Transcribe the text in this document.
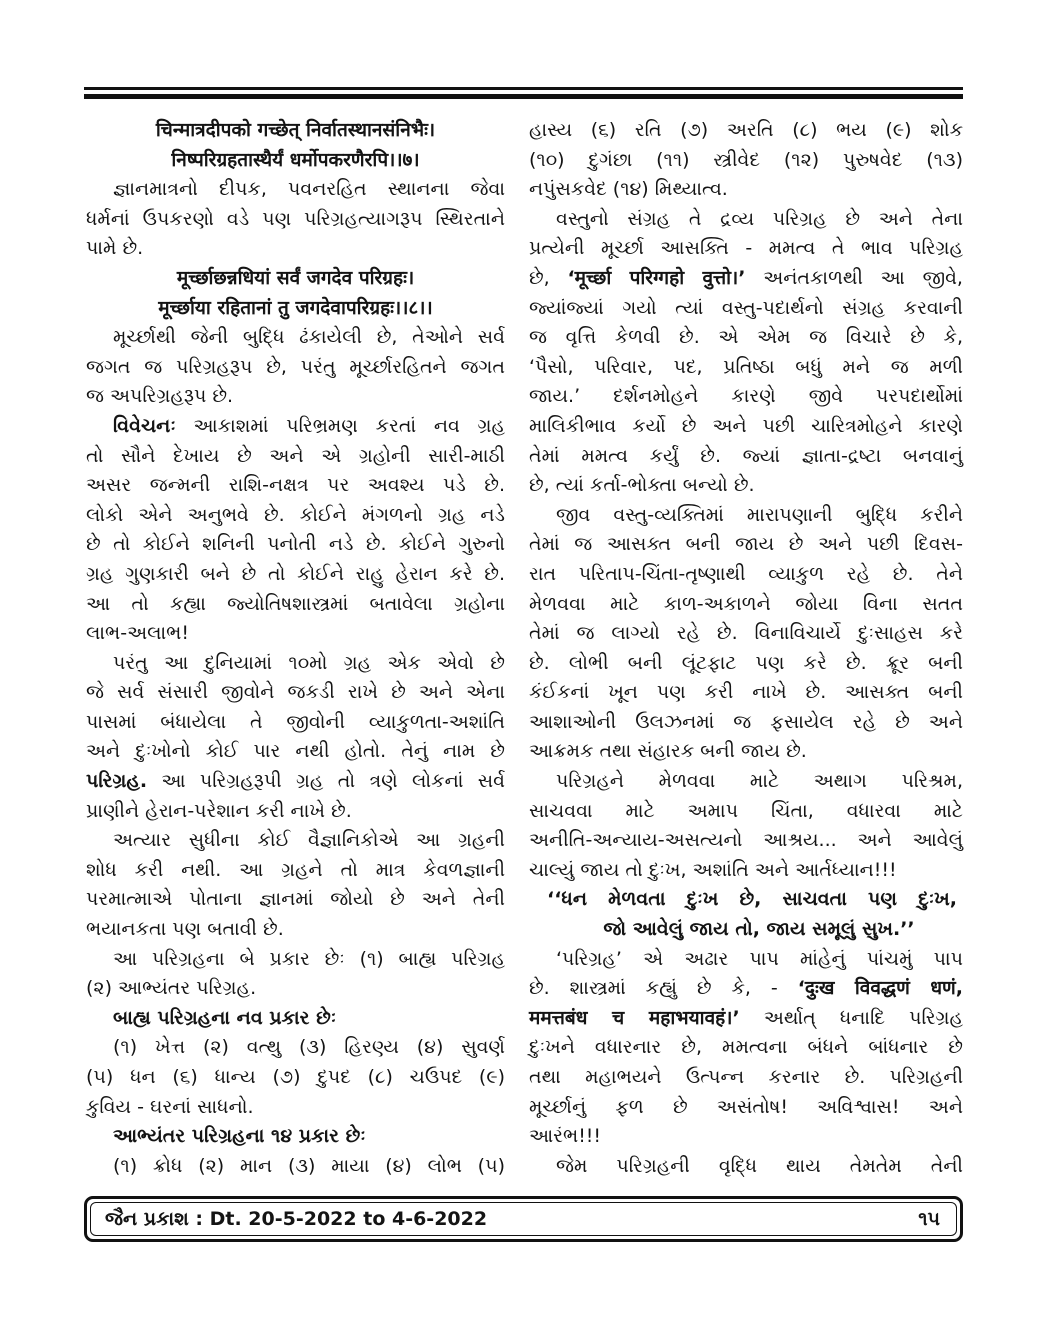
चिन्मात्रदीपको गच्छेत् निर्वातस्थानसंनिभैः।
निष्परिग्रहतास्थैर्यं धर्मोपकरणैरपि।।७।
જ્ઞાનમાત્રનો દીપક, પવનરહિત સ્થાનના જેવા
ધર્મનાં ઉપકરણો વડે પણ પરિગ્રહત્યાગરૂપ સ્થિરતાને
પામે છે.
मूर्च्छाछन्नधियां सर्वं जगदेव परिग्रहः।
मूर्च्छाया रहितानां तु जगदेवापरिग्रहः।।८।।
મૂર્ચ્છાથી જેની બુદ્ધિ ઢંકાયેલી છે, તેઓને સર્વ
જગત જ પરિગ્રહરૂપ છે, પરંતુ મૂર્ચ્છારહિતને જગત
જ અપરિગ્રહરૂપ છે.
વિવેચનઃ આકાશમાં પરિભ્રમણ કરતાં નવ ગ્રહ
તો સૌને દેખાય છે અને એ ગ્રહોની સારી-માઠી
અસર જન્મની રાશિ-નક્ષત્ર પર અવશ્ય પડે છે.
લોકો એને અનુભવે છે. કોઈને મંગળનો ગ્રહ નડે
છે તો કોઈને શનિની પનોતી નડે છે. કોઈને ગુરુનો
ગ્રહ ગુણકારી બને છે તો કોઈને રાહુ હેરાન કરે છે.
આ તો કહ્યા જ્યોતિષશાસ્ત્રમાં બતાવેલા ગ્રહોના
લાભ-અલાભ!
પરંતુ આ દુનિયામાં ૧૦મો ગ્રહ એક એવો છે
જે સર્વ સંસારી જીવોને જકડી રાખે છે અને એના
પાસમાં બંધાયેલા તે જીવોની વ્યાકુળતા-અશાંતિ
અને દુઃખોનો કોઈ પાર નથી હોતો. તેનું નામ છે
પરિગ્રહ. આ પરિગ્રહરૂપી ગ્રહ તો ત્રણે લોકનાં સર્વ
પ્રાણીને હેરાન-પરેશાન કરી નાખે છે.
અત્યાર સુધીના કોઈ વૈજ્ઞાનિકોએ આ ગ્રહની
શોધ કરી નથી. આ ગ્રહને તો માત્ર કેવળજ્ઞાની
પરમાત્માએ પોતાના જ્ઞાનમાં જોયો છે અને તેની
ભયાનકતા પણ બતાવી છે.
આ પરિગ્રહના બે પ્રકાર છેઃ (૧) બાહ્ય પરિગ્રહ
(૨) આભ્યંતર પરિગ્રહ.
બાહ્ય પરિગ્રહના નવ પ્રકાર છેઃ
(૧) ખેત્ત (૨) વત્થુ (૩) હિરણ્ય (૪) સુવર્ણ
(૫) ધન (૬) ધાન્ય (૭) દુપદ (૮) ચઉપદ (૯)
કુવિય - ઘરનાં સાધનો.
આભ્યંતર પરિગ્રહના ૧૪ પ્રકાર છેઃ
(૧) ક્રોધ (૨) માન (૩) માયા (૪) લોભ (૫)
હાસ્ય (૬) રતિ (૭) અરતિ (૮) ભય (૯) શોક
(૧૦) દુગંછા (૧૧) સ્ત્રીવેદ (૧૨) પુરુષવેદ (૧૩)
નપુંસકવેદ (૧૪) મિથ્યાત્વ.
વસ્તુનો સંગ્રહ તે દ્રવ્ય પરિગ્રહ છે અને તેના
પ્રત્યેની મૂર્ચ્છા આસક્તિ - મમત્વ તે ભાવ પરિગ્રહ
છે, ‘मूर्च्छा परिग्गहो वुत्तो।’ અનંતકાળથી આ જીવે,
જ્યાંજ્યાં ગયો ત્યાં વસ્તુ-પદાર્થનો સંગ્રહ કરવાની
જ વૃત્તિ કેળવી છે. એ એમ જ વિચારે છે કે,
‘પૈસો, પરિવાર, પદ, પ્રતિષ્ઠા બધું મને જ મળી
જાય.’ દર્શનમોહને કારણે જીવે પરપદાર્થોમાં
માલિકીભાવ કર્યો છે અને પછી ચારિત્રમોહને કારણે
તેમાં મમત્વ કર્યું છે. જ્યાં જ્ઞાતા-દ્રષ્ટા બનવાનું
છે, ત્યાં કર્તા-ભોક્તા બન્યો છે.
જીવ વસ્તુ-વ્યક્તિમાં મારાપણાની બુદ્ધિ કરીને
તેમાં જ આસક્ત બની જાય છે અને પછી દિવસ-
રાત પરિતાપ-ચિંતા-તૃષ્ણાથી વ્યાકુળ રહે છે. તેને
મેળવવા માટે કાળ-અકાળને જોયા વિના સતત
તેમાં જ લાગ્યો રહે છે. વિનાવિચાર્યે દુઃસાહસ કરે
છે. લોભી બની લૂંટફાટ પણ કરે છે. ક્રૂર બની
કંઈકનાં ખૂન પણ કરી નાખે છે. આસક્ત બની
આશાઓની ઉલઝનમાં જ ફસાયેલ રહે છે અને
આક્રમક તથા સંહારક બની જાય છે.
પરિગ્રહને મેળવવા માટે અથાગ પરિશ્રમ,
સાચવવા માટે અમાપ ચિંતા, વધારવા માટે
અનીતિ-અન્યાય-અસત્યનો આશ્રય... અને આવેલું
ચાલ્યું જાય તો દુઃખ, અશાંતિ અને આર્તધ્યાન!!!
‘‘ધન મેળવતા દુઃખ છે, સાચવતા પણ દુઃખ,
જો આવેલું જાય તો, જાય સમૂલું સુખ.’’
‘પરિગ્રહ’ એ અઢાર પાપ માંહેનું પાંચમું પાપ
છે. શાસ્ત્રમાં કહ્યું છે કે, - ‘दुःख विवद्धणं धणं,
ममत्तबंध च महाभयावहं।’ અર્થાત્ ધનાદિ પરિગ્રહ
દુઃખને વધારનાર છે, મમત્વના બંધને બાંધનાર છે
તથા મહાભયને ઉત્પન્ન કરનાર છે. પરિગ્રહની
મૂર્ચ્છાનું ફળ છે અસંતોષ! અવિશ્વાસ! અને
આરંભ!!!
જેમ પરિગ્રહની વૃદ્ધિ થાય તેમતેમ તેની
જૈન પ્રકાશ : Dt. 20-5-2022 to 4-6-2022	૧૫
